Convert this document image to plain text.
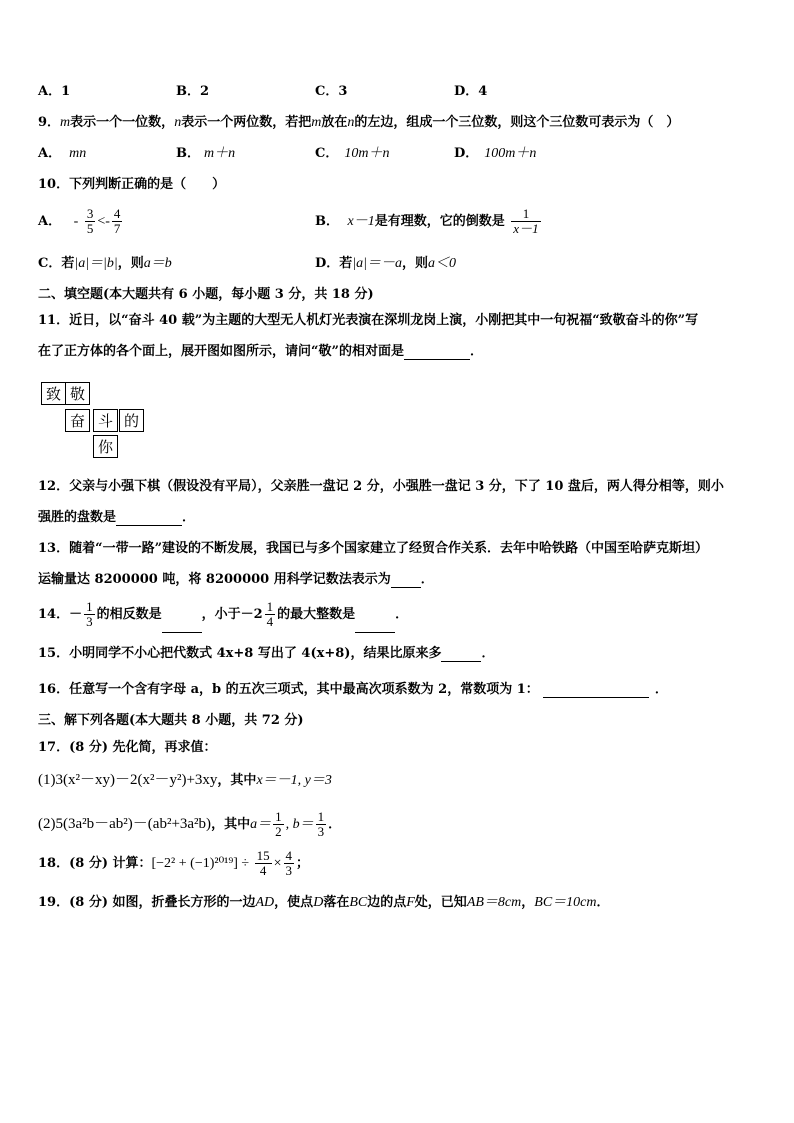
A．1	B．2	C．3	D．4
9．m表示一个一位数，n表示一个两位数，若把m放在n的左边，组成一个三位数，则这个三位数可表示为（　）
A． mn	B． m＋n	C． 10m＋n	D． 100m＋n
10．下列判断正确的是（　　）
A． - $\frac{3}{5} <- \frac{4}{7}$	B． x－1是有理数，它的倒数是 $\frac{1}{x-1}$
C．若|a|＝|b|，则a＝b	D．若|a|＝－a，则a＜0
二、填空题(本大题共有 6 小题，每小题 3 分，共 18 分)
11．近日，以“奋斗 40 载”为主题的大型无人机灯光表演在深圳龙岗上演，小刚把其中一句祝福“致敬奋斗的你”写
在了正方体的各个面上，展开图如图所示，请问“敬”的相对面是	．
致 敬
奋 斗 的
你
12．父亲与小强下棋（假设没有平局），父亲胜一盘记 2 分，小强胜一盘记 3 分，下了 10 盘后，两人得分相等，则小
强胜的盘数是	．
13．随着“一带一路”建设的不断发展，我国已与多个国家建立了经贸合作关系．去年中哈铁路（中国至哈萨克斯坦）
运输量达 8200000 吨，将 8200000 用科学记数法表示为 ．
14．－ $\frac{1}{3}$ 的相反数是	，小于$-2 \frac{1}{4}$ 的最大整数是	．
15．小明同学不小心把代数式 4x+8 写出了 4(x+8)，结果比原来多	．
16．任意写一个含有字母 a，b 的五次三项式，其中最高次项系数为 2，常数项为 1：	．
三、解下列各题(本大题共 8 小题，共 72 分)
17．(8 分) 先化简，再求值：
(1)3(x²－xy)－2(x²－y²)+3xy，其中x＝－1, y＝3
(2)5(3a²b－ab²)－(ab²+3a²b)，其中$a= \frac{1}{2}$ , $b= \frac{1}{3}$ ．
18．(8 分) 计算：$[-2^2 + (-1)^{2019}] \div \frac{15}{4} \times \frac{4}{3}$ ；
19．(8 分) 如图，折叠长方形的一边AD，使点D落在BC边的点F处，已知AB＝8cm，BC＝10cm．
